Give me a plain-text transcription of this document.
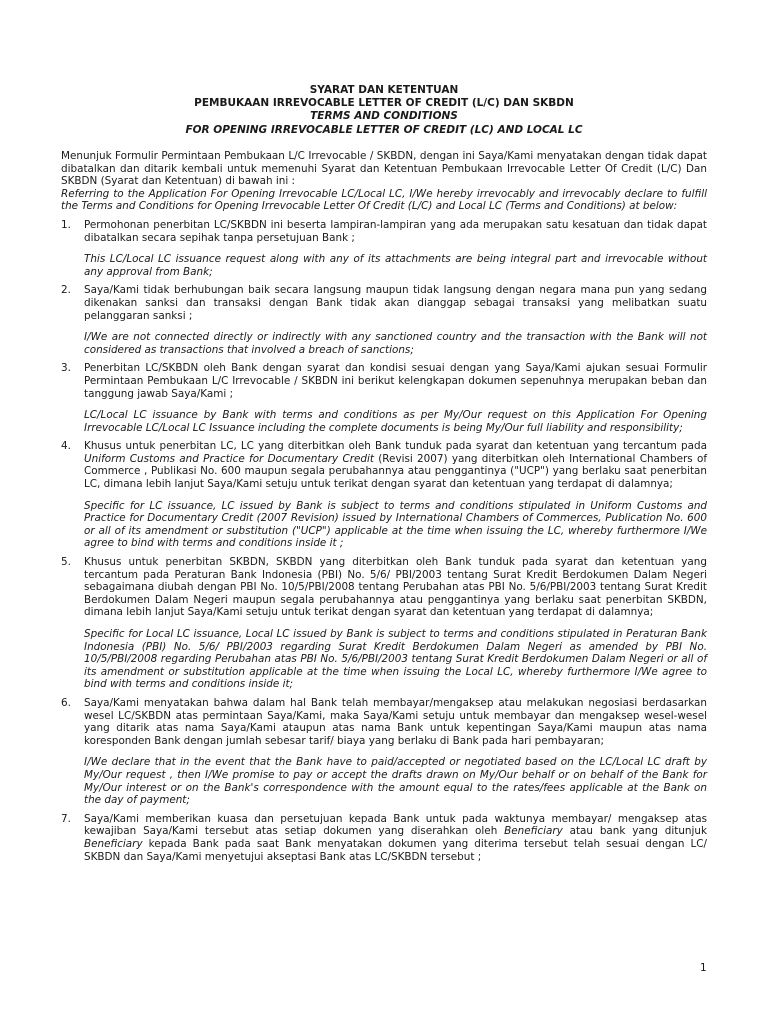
SYARAT DAN KETENTUAN
PEMBUKAAN IRREVOCABLE LETTER OF CREDIT (L/C) DAN SKBDN
TERMS AND CONDITIONS
FOR OPENING IRREVOCABLE LETTER OF CREDIT (LC) AND LOCAL LC

Menunjuk Formulir Permintaan Pembukaan L/C Irrevocable / SKBDN, dengan ini Saya/Kami menyatakan dengan tidak dapat dibatalkan dan ditarik kembali untuk memenuhi Syarat dan Ketentuan Pembukaan Irrevocable Letter Of Credit (L/C) Dan SKBDN (Syarat dan Ketentuan) di bawah ini :

Referring to the Application For Opening Irrevocable LC/Local LC, I/We hereby irrevocably and irrevocably declare to fulfill the Terms and Conditions for Opening Irrevocable Letter Of Credit (L/C) and Local LC (Terms and Conditions) at below:

1. Permohonan penerbitan LC/SKBDN ini beserta lampiran-lampiran yang ada merupakan satu kesatuan dan tidak dapat dibatalkan secara sepihak tanpa persetujuan Bank ;

This LC/Local LC issuance request along with any of its attachments are being integral part and irrevocable without any approval from Bank;

2. Saya/Kami tidak berhubungan baik secara langsung maupun tidak langsung dengan negara mana pun yang sedang dikenakan sanksi dan transaksi dengan Bank tidak akan dianggap sebagai transaksi yang melibatkan suatu pelanggaran sanksi ;

I/We are not connected directly or indirectly with any sanctioned country and the transaction with the Bank will not considered as transactions that involved a breach of sanctions;

3. Penerbitan LC/SKBDN oleh Bank dengan syarat dan kondisi sesuai dengan yang Saya/Kami ajukan sesuai Formulir Permintaan Pembukaan L/C Irrevocable / SKBDN ini berikut kelengkapan dokumen sepenuhnya merupakan beban dan tanggung jawab Saya/Kami ;

LC/Local LC issuance by Bank with terms and conditions as per My/Our request on this Application For Opening Irrevocable LC/Local LC Issuance including the complete documents is being My/Our full liability and responsibility;

4. Khusus untuk penerbitan LC, LC yang diterbitkan oleh Bank tunduk pada syarat dan ketentuan yang tercantum pada Uniform Customs and Practice for Documentary Credit (Revisi 2007) yang diterbitkan oleh International Chambers of Commerce , Publikasi No. 600 maupun segala perubahannya atau penggantinya ("UCP") yang berlaku saat penerbitan LC, dimana lebih lanjut Saya/Kami setuju untuk terikat dengan syarat dan ketentuan yang terdapat di dalamnya;

Specific for LC issuance, LC issued by Bank is subject to terms and conditions stipulated in Uniform Customs and Practice for Documentary Credit (2007 Revision) issued by International Chambers of Commerces, Publication No. 600 or all of its amendment or substitution ("UCP") applicable at the time when issuing the LC, whereby furthermore I/We agree to bind with terms and conditions inside it ;

5. Khusus untuk penerbitan SKBDN, SKBDN yang diterbitkan oleh Bank tunduk pada syarat dan ketentuan yang tercantum pada Peraturan Bank Indonesia (PBI) No. 5/6/ PBI/2003 tentang Surat Kredit Berdokumen Dalam Negeri sebagaimana diubah dengan PBI No. 10/5/PBI/2008 tentang Perubahan atas PBI No. 5/6/PBI/2003 tentang Surat Kredit Berdokumen Dalam Negeri maupun segala perubahannya atau penggantinya yang berlaku saat penerbitan SKBDN, dimana lebih lanjut Saya/Kami setuju untuk terikat dengan syarat dan ketentuan yang terdapat di dalamnya;

Specific for Local LC issuance, Local LC issued by Bank is subject to terms and conditions stipulated in Peraturan Bank Indonesia (PBI) No. 5/6/ PBI/2003 regarding Surat Kredit Berdokumen Dalam Negeri as amended by PBI No. 10/5/PBI/2008 regarding Perubahan atas PBI No. 5/6/PBI/2003 tentang Surat Kredit Berdokumen Dalam Negeri or all of its amendment or substitution applicable at the time when issuing the Local LC, whereby furthermore I/We agree to bind with terms and conditions inside it;

6. Saya/Kami menyatakan bahwa dalam hal Bank telah membayar/mengaksep atau melakukan negosiasi berdasarkan wesel LC/SKBDN atas permintaan Saya/Kami, maka Saya/Kami setuju untuk membayar dan mengaksep wesel-wesel yang ditarik atas nama Saya/Kami ataupun atas nama Bank untuk kepentingan Saya/Kami maupun atas nama koresponden Bank dengan jumlah sebesar tarif/ biaya yang berlaku di Bank pada hari pembayaran;

I/We declare that in the event that the Bank have to paid/accepted or negotiated based on the LC/Local LC draft by My/Our request , then I/We promise to pay or accept the drafts drawn on My/Our behalf or on behalf of the Bank for My/Our interest or on the Bank's correspondence with the amount equal to the rates/fees applicable at the Bank on the day of payment;

7. Saya/Kami memberikan kuasa dan persetujuan kepada Bank untuk pada waktunya membayar/ mengaksep atas kewajiban Saya/Kami tersebut atas setiap dokumen yang diserahkan oleh Beneficiary atau bank yang ditunjuk Beneficiary kepada Bank pada saat Bank menyatakan dokumen yang diterima tersebut telah sesuai dengan LC/ SKBDN dan Saya/Kami menyetujui akseptasi Bank atas LC/SKBDN tersebut ;

1
